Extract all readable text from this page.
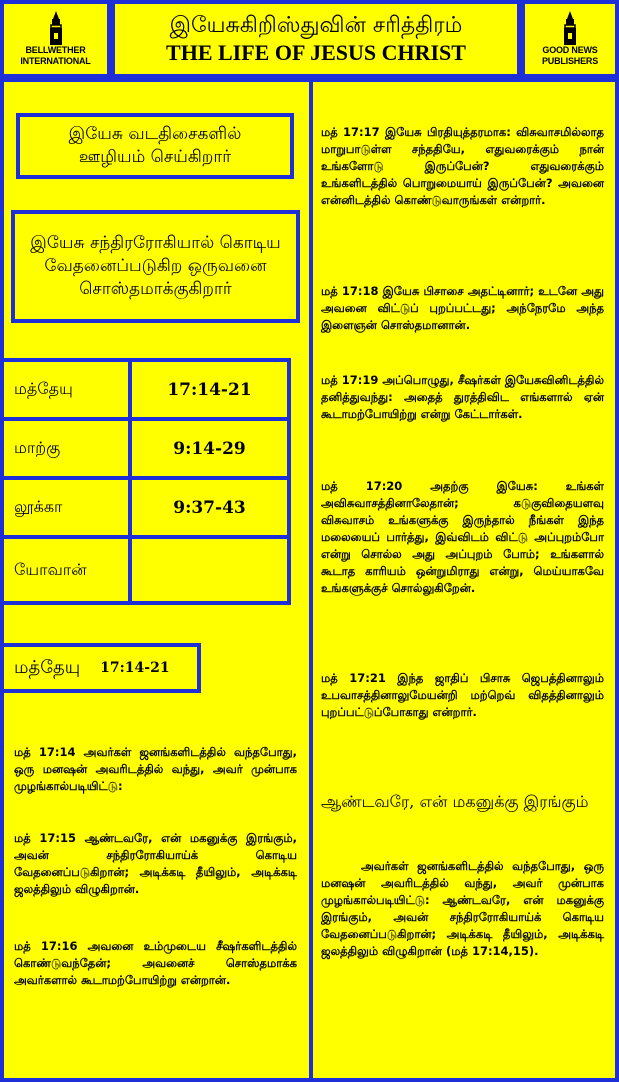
BELLWETHER
INTERNATIONAL
இயேசுகிறிஸ்துவின் சரித்திரம்
THE LIFE OF JESUS CHRIST	GOOD NEWS
PUBLISHERS
இயேசு வடதிசைகளில் ஊழியம் செய்கிறார்
இயேசு சந்திரரோகியால் கொடிய வேதனைப்படுகிற ஒருவனை சொஸ்தமாக்குகிறார்
மத்தேயு	17:14-21
மாற்கு	9:14-29
லூக்கா	9:37-43
யோவான்
மத்தேயு 17:14-21
மத் 17:14 அவர்கள் ஜனங்களிடத்தில் வந்தபோது, ஒரு மனஷன் அவரிடத்தில் வந்து, அவர் முன்பாக முழங்கால்படியிட்டு:
மத் 17:15 ஆண்டவரே, என் மகனுக்கு இரங்கும், அவன் சந்திரரோகியாய்க் கொடிய வேதனைப்படுகிறான்; அடிக்கடி தீயிலும், அடிக்கடி ஜலத்திலும் விழுகிறான்.
மத் 17:16 அவனை உம்முடைய சீஷர்களிடத்தில் கொண்டுவந்தேன்; அவனைச் சொஸ்தமாக்க அவர்களால் கூடாமற்போயிற்று என்றான்.
மத் 17:17 இயேசு பிரதியுத்தரமாக: விசுவாசமில்லாத மாறுபாடுள்ள சந்ததியே, எதுவரைக்கும் நான் உங்களோடு இருப்பேன்? எதுவரைக்கும் உங்களிடத்தில் பொறுமையாய் இருப்பேன்? அவனை என்னிடத்தில் கொண்டுவாருங்கள் என்றார்.
மத் 17:18 இயேசு பிசாசை அதட்டினார்; உடனே அது அவனை விட்டுப் புறப்பட்டது; அந்நேரமே அந்த இளைஞன் சொஸ்தமானான்.
மத் 17:19 அப்பொழுது, சீஷர்கள் இயேசுவினிடத்தில் தனித்துவந்து: அதைத் துரத்திவிட எங்களால் ஏன் கூடாமற்போயிற்று என்று கேட்டார்கள்.
மத் 17:20 அதற்கு இயேசு: உங்கள் அவிசுவாசத்தினாலேதான்; கடுகுவிதையளவு விசுவாசம் உங்களுக்கு இருந்தால் நீங்கள் இந்த மலையைப் பார்த்து, இவ்விடம் விட்டு அப்புறம்போ என்று சொல்ல அது அப்புறம் போம்; உங்களால் கூடாத காரியம் ஒன்றுமிராது என்று, மெய்யாகவே உங்களுக்குச் சொல்லுகிறேன்.
மத் 17:21 இந்த ஜாதிப் பிசாசு ஜெபத்தினாலும் உபவாசத்தினாலுமேயன்றி மற்றெவ் விதத்தினாலும் புறப்பட்டுப்போகாது என்றார்.
ஆண்டவரே, என் மகனுக்கு இரங்கும்
அவர்கள் ஜனங்களிடத்தில் வந்தபோது, ஒரு மனஷன் அவரிடத்தில் வந்து, அவர் முன்பாக முழங்கால்படியிட்டு: ஆண்டவரே, என் மகனுக்கு இரங்கும், அவன் சந்திரரோகியாய்க் கொடிய வேதனைப்படுகிறான்; அடிக்கடி தீயிலும், அடிக்கடி ஜலத்திலும் விழுகிறான் (மத் 17:14,15).
